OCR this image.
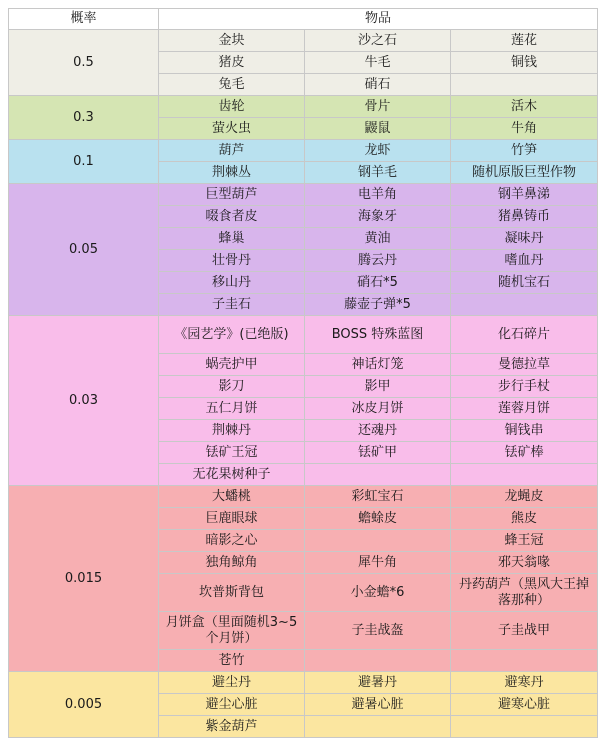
概率	物品		
0.5	金块	沙之石	莲花
	猪皮	牛毛	铜钱
	兔毛	硝石	
0.3	齿轮	骨片	活木
	萤火虫	鼹鼠	牛角
0.1	葫芦	龙虾	竹笋
	荆棘丛	钢羊毛	随机原版巨型作物
0.05	巨型葫芦	电羊角	钢羊鼻涕
	啜食者皮	海象牙	猪鼻铸币
	蜂巢	黄油	凝味丹
	壮骨丹	腾云丹	嗜血丹
	移山丹	硝石*5	随机宝石
	子圭石	藤壶子弹*5	
0.03	《园艺学》(已绝版)	BOSS 特殊蓝图	化石碎片
	蜗壳护甲	神话灯笼	曼德拉草
	影刀	影甲	步行手杖
	五仁月饼	冰皮月饼	莲蓉月饼
	荆棘丹	还魂丹	铜钱串
	铥矿王冠	铥矿甲	铥矿棒
	无花果树种子		
0.015	大蟠桃	彩虹宝石	龙蝇皮
	巨鹿眼球	蟾蜍皮	熊皮
	暗影之心		蜂王冠
	独角鲸角	犀牛角	邪天翁喙
	坎普斯背包	小金蟾*6	丹药葫芦（黑风大王掉落那种）
	月饼盒（里面随机3~5个月饼）	子圭战盔	子圭战甲
	苍竹		
0.005	避尘丹	避暑丹	避寒丹
	避尘心脏	避暑心脏	避寒心脏
	紫金葫芦		
